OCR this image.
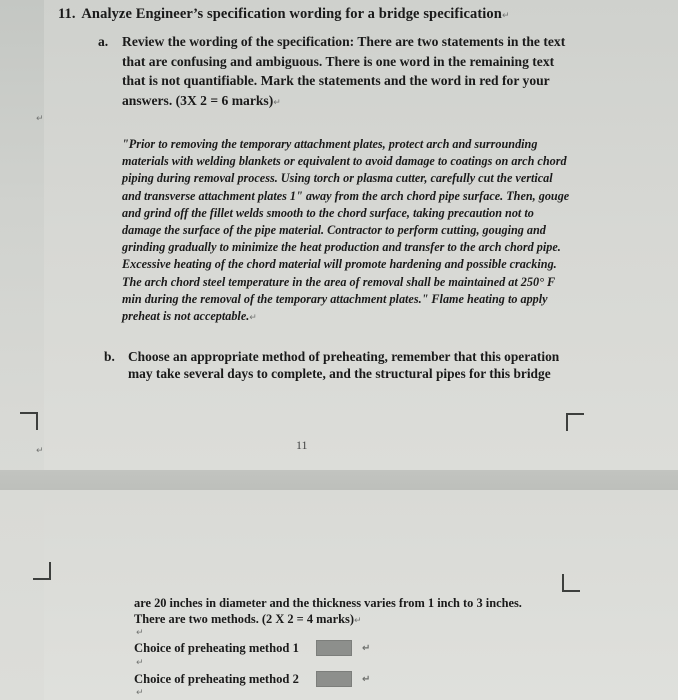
11. Analyze Engineer’s specification wording for a bridge specification↵
a. Review the wording of the specification: There are two statements in the text that are confusing and ambiguous. There is one word in the remaining text that is not quantifiable. Mark the statements and the word in red for your answers. (3X 2 = 6 marks)↵
↵
"Prior to removing the temporary attachment plates, protect arch and surrounding materials with welding blankets or equivalent to avoid damage to coatings on arch chord piping during removal process. Using torch or plasma cutter, carefully cut the vertical and transverse attachment plates 1" away from the arch chord pipe surface. Then, gouge and grind off the fillet welds smooth to the chord surface, taking precaution not to damage the surface of the pipe material. Contractor to perform cutting, gouging and grinding gradually to minimize the heat production and transfer to the arch chord pipe. Excessive heating of the chord material will promote hardening and possible cracking. The arch chord steel temperature in the area of removal shall be maintained at 250° F min during the removal of the temporary attachment plates." Flame heating to apply preheat is not acceptable.↵
b. Choose an appropriate method of preheating, remember that this operation may take several days to complete, and the structural pipes for this bridge
↵	11
are 20 inches in diameter and the thickness varies from 1 inch to 3 inches.
There are two methods. (2 X 2 = 4 marks)↵
↵
Choice of preheating method 1	↵
↵
Choice of preheating method 2	↵
↵
